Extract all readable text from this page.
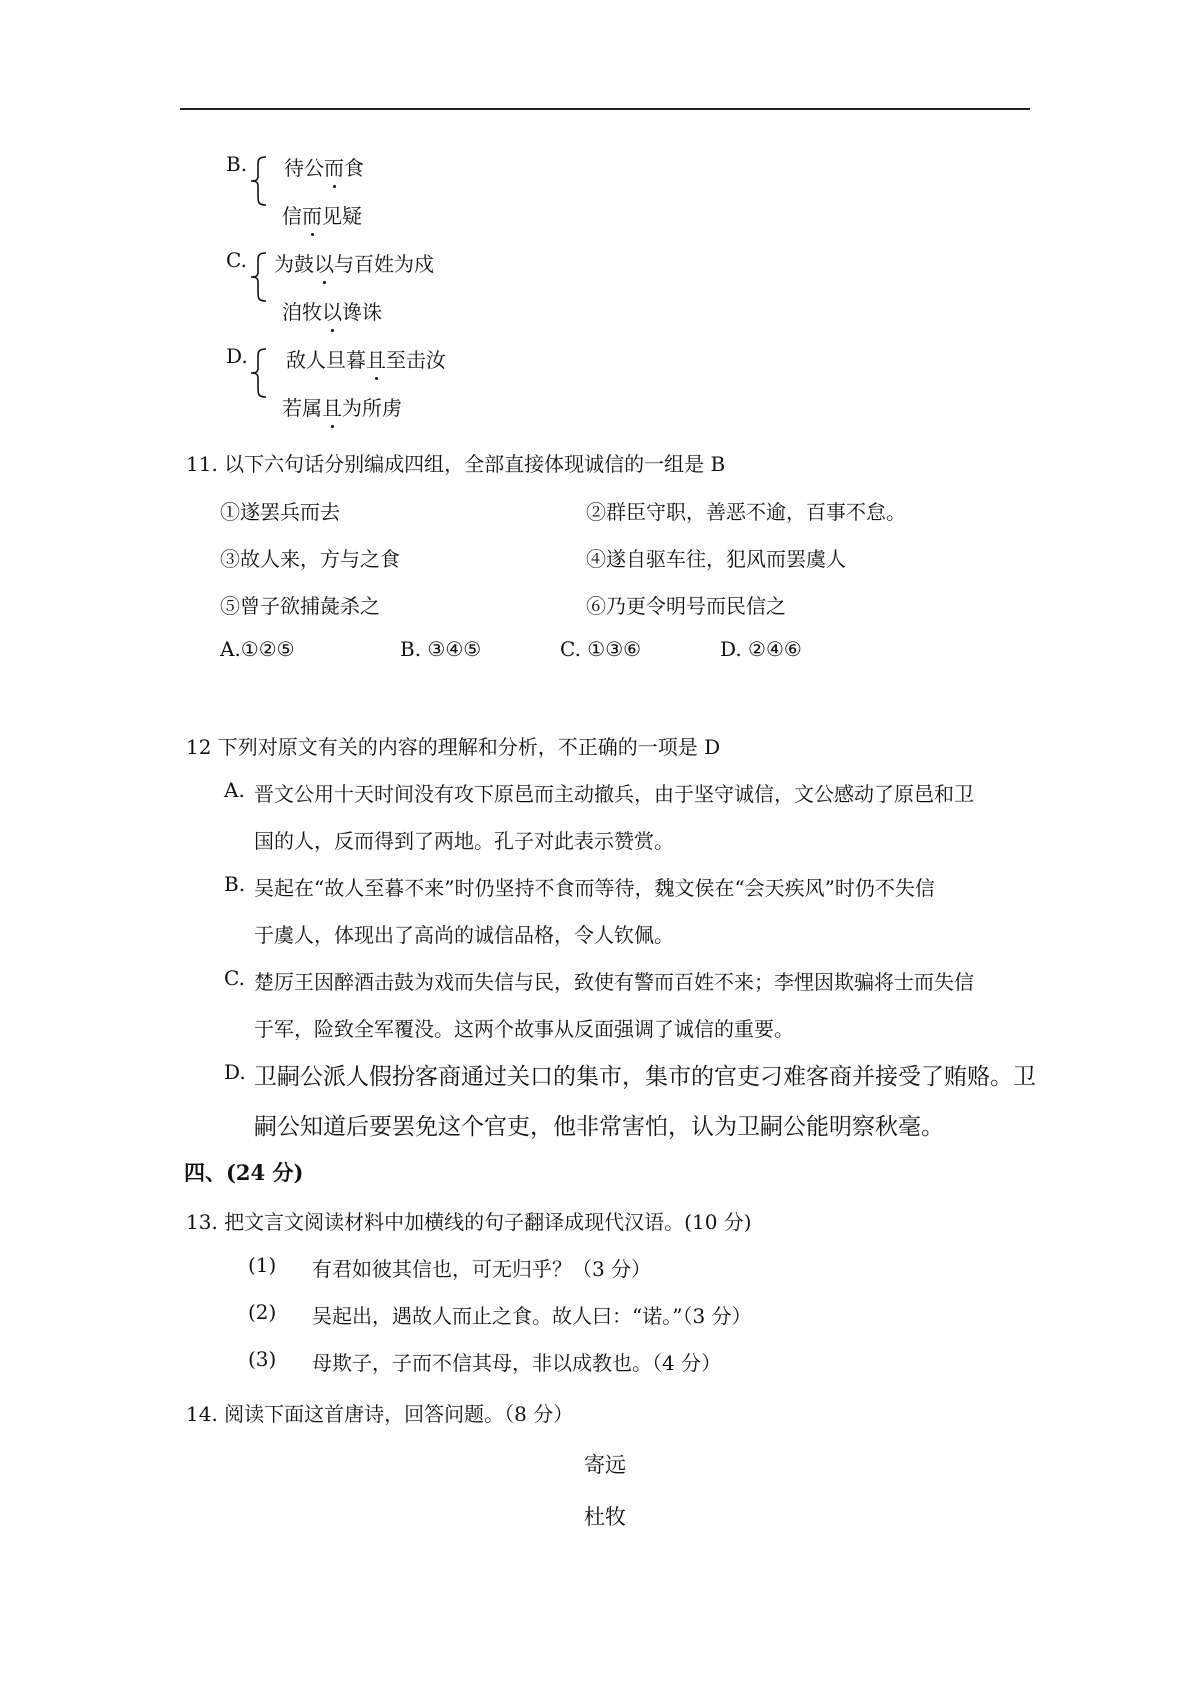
B. 待公而食
信而见疑
C. 为鼓以与百姓为戍
洎牧以谗诛
D. 敌人旦暮且至击汝
若属且为所虏
11. 以下六句话分别编成四组，全部直接体现诚信的一组是 B
①遂罢兵而去	②群臣守职，善恶不逾，百事不怠。
③故人来，方与之食	④遂自驱车往，犯风而罢虞人
⑤曾子欲捕彘杀之	⑥乃更令明号而民信之
A.①②⑤	B. ③④⑤	C. ①③⑥	D. ②④⑥
12 下列对原文有关的内容的理解和分析，不正确的一项是 D
A. 晋文公用十天时间没有攻下原邑而主动撤兵，由于坚守诚信，文公感动了原邑和卫
国的人，反而得到了两地。孔子对此表示赞赏。
B. 吴起在“故人至暮不来”时仍坚持不食而等待，魏文侯在“会天疾风”时仍不失信
于虞人，体现出了高尚的诚信品格，令人钦佩。
C. 楚厉王因醉酒击鼓为戏而失信与民，致使有警而百姓不来；李悝因欺骗将士而失信
于军，险致全军覆没。这两个故事从反面强调了诚信的重要。
D. 卫嗣公派人假扮客商通过关口的集市，集市的官吏刁难客商并接受了贿赂。卫
嗣公知道后要罢免这个官吏，他非常害怕，认为卫嗣公能明察秋毫。
四、(24 分)
13. 把文言文阅读材料中加横线的句子翻译成现代汉语。(10 分)
(1) 有君如彼其信也，可无归乎？（3 分）
(2) 吴起出，遇故人而止之食。故人曰：“诺。”（3 分）
(3) 母欺子，子而不信其母，非以成教也。（4 分）
14. 阅读下面这首唐诗，回答问题。（8 分）
寄远
杜牧
